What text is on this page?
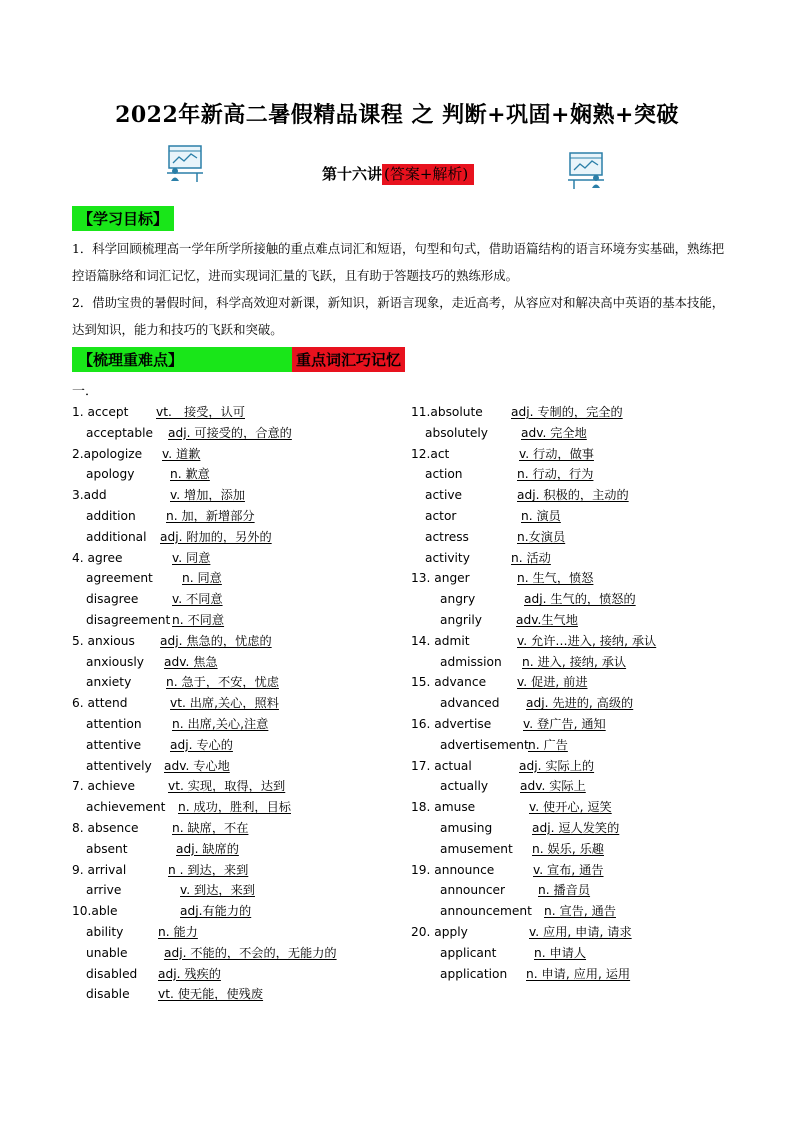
2022年新高二暑假精品课程 之 判断+巩固+娴熟+突破
第十六讲 (答案+解析)
【学习目标】
1．科学回顾梳理高一学年所学所接触的重点难点词汇和短语，句型和句式，借助语篇结构的语言环境夯实基础，熟练把控语篇脉络和词汇记忆，进而实现词汇量的飞跃，且有助于答题技巧的熟练形成。
2．借助宝贵的暑假时间，科学高效迎对新课，新知识，新语言现象，走近高考，从容应对和解决高中英语的基本技能，达到知识，能力和技巧的飞跃和突破。
【梳理重难点】	重点词汇巧记忆
一．
1. accept vt.　接受，认可
acceptable adj. 可接受的，合意的
2.apologize v. 道歉
apology	n. 歉意
3.add	v. 增加，添加
addition n. 加，新增部分
additional adj. 附加的，另外的
4. agree	v. 同意
agreement n. 同意
disagree	v. 不同意
disagreement n. 不同意
5. anxious adj. 焦急的，忧虑的
anxiously adv. 焦急
anxiety	n. 急于，不安，忧虑
6. attend	vt. 出席,关心，照料
attention n. 出席,关心,注意
attentive adj. 专心的
attentively adv. 专心地
7. achieve	vt. 实现，取得，达到
achievement n. 成功，胜利，目标
8. absence	n. 缺席，不在
absent	adj. 缺席的
9. arrival	n . 到达，来到
arrive	v. 到达，来到
10.able	adj.有能力的
ability	n. 能力
unable	adj. 不能的，不会的，无能力的
disabled adj. 残疾的
disable vt. 使无能，使残废
11.absolute adj. 专制的，完全的
absolutely	adv. 完全地
12.act	v. 行动，做事
action	n. 行动，行为
active	adj. 积极的，主动的
actor	n. 演员
actress	n.女演员
activity	n. 活动
13. anger	n. 生气，愤怒
angry	adj. 生气的，愤怒的
angrily	adv.生气地
14. admit	v. 允许…进入, 接纳, 承认
admission n. 进入, 接纳, 承认
15. advance	v. 促进, 前进
advanced adj. 先进的, 高级的
16. advertise	v. 登广告, 通知
advertisementn. 广告
17. actual	adj. 实际上的
actually	adv. 实际上
18. amuse	v. 使开心, 逗笑
amusing	adj. 逗人发笑的
amusement n. 娱乐, 乐趣
19. announce	v. 宣布, 通告
announcer	n. 播音员
announcement n. 宣告, 通告
20. apply	v. 应用, 申请, 请求
applicant	n. 申请人
application n. 申请, 应用, 运用
